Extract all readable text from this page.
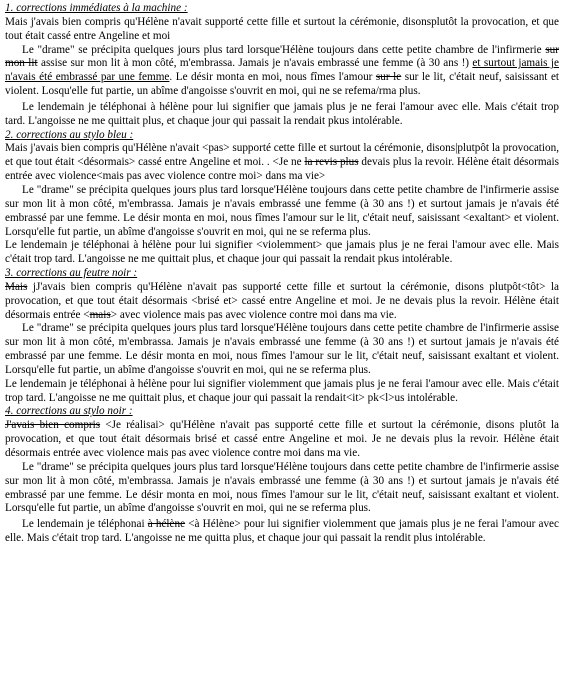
1. corrections immédiates à la machine :

Mais j'avais bien compris qu'Hélène n'avait supporté cette fille et surtout la cérémonie, disonsplutôt la provocation, et que tout était cassé entre Angeline et moi

Le "drame" se précipita quelques jours plus tard lorsque'Hélène toujours dans cette petite chambre de l'infirmerie sur mon lit assise sur mon lit à mon côté, m'embrassa. Jamais je n'avais embrassé une femme (à 30 ans !) et surtout jamais je n'avais été embrassé par une femme. Le désir monta en moi, nous fîmes l'amour sur le sur le lit, c'était neuf, saisissant et violent. Losqu'elle fut partie, un abîme d'angoisse s'ouvrit en moi, qui ne se refema/rma plus.

Le lendemain je téléphonai à hélène pour lui signifier que jamais plus je ne ferai l'amour avec elle. Mais c'était trop tard. L'angoisse ne me quittait plus, et chaque jour qui passait la rendait pkus intolérable.

2. corrections au stylo bleu :

Mais j'avais bien compris qu'Hélène n'avait <pas> supporté cette fille et surtout la cérémonie, disons|plutpôt la provocation, et que tout était <désormais> cassé entre Angeline et moi. . <Je ne la revis plus devais plus la revoir. Hélène était désormais entrée avec violence<mais pas avec violence contre moi> dans ma vie>

Le "drame" se précipita quelques jours plus tard lorsque'Hélène toujours dans cette petite chambre de l'infirmerie assise sur mon lit à mon côté, m'embrassa. Jamais je n'avais embrassé une femme (à 30 ans !) et surtout jamais je n'avais été embrassé par une femme. Le désir monta en moi, nous fîmes l'amour sur le lit, c'était neuf, saisissant <exaltant> et violent. Lorsqu'elle fut partie, un abîme d'angoisse s'ouvrit en moi, qui ne se referma plus.

Le lendemain je téléphonai à hélène pour lui signifier <violemment> que jamais plus je ne ferai l'amour avec elle. Mais c'était trop tard. L'angoisse ne me quittait plus, et chaque jour qui passait la rendait pkus intolérable.

3. corrections au feutre noir :

Mais jJ'avais bien compris qu'Hélène n'avait pas supporté cette fille et surtout la cérémonie, disons plutpôt<tôt> la provocation, et que tout était désormais <brisé et> cassé entre Angeline et moi. Je ne devais plus la revoir. Hélène était désormais entrée <mais> avec violence mais pas avec violence contre moi dans ma vie.

Le "drame" se précipita quelques jours plus tard lorsque'Hélène toujours dans cette petite chambre de l'infirmerie assise sur mon lit à mon côté, m'embrassa. Jamais je n'avais embrassé une femme (à 30 ans !) et surtout jamais je n'avais été embrassé par une femme. Le désir monta en moi, nous fîmes l'amour sur le lit, c'était neuf, saisissant exaltant et violent. Lorsqu'elle fut partie, un abîme d'angoisse s'ouvrit en moi, qui ne se referma plus.

Le lendemain je téléphonai à hélène pour lui signifier violemment que jamais plus je ne ferai l'amour avec elle. Mais c'était trop tard. L'angoisse ne me quittait plus, et chaque jour qui passait la rendait<it> pk<l>us intolérable.

4. corrections au stylo noir :

J'avais bien compris <Je réalisai> qu'Hélène n'avait pas supporté cette fille et surtout la cérémonie, disons plutôt la provocation, et que tout était désormais brisé et cassé entre Angeline et moi. Je ne devais plus la revoir. Hélène était désormais entrée avec violence mais pas avec violence contre moi dans ma vie.

Le "drame" se précipita quelques jours plus tard lorsque'Hélène toujours dans cette petite chambre de l'infirmerie assise sur mon lit à mon côté, m'embrassa. Jamais je n'avais embrassé une femme (à 30 ans !) et surtout jamais je n'avais été embrassé par une femme. Le désir monta en moi, nous fîmes l'amour sur le lit, c'était neuf, saisissant exaltant et violent. Lorsqu'elle fut partie, un abîme d'angoisse s'ouvrit en moi, qui ne se referma plus.

Le lendemain je téléphonai à hélène <à Hélène> pour lui signifier violemment que jamais plus je ne ferai l'amour avec elle. Mais c'était trop tard. L'angoisse ne me quitta plus, et chaque jour qui passait la rendit plus intolérable.
